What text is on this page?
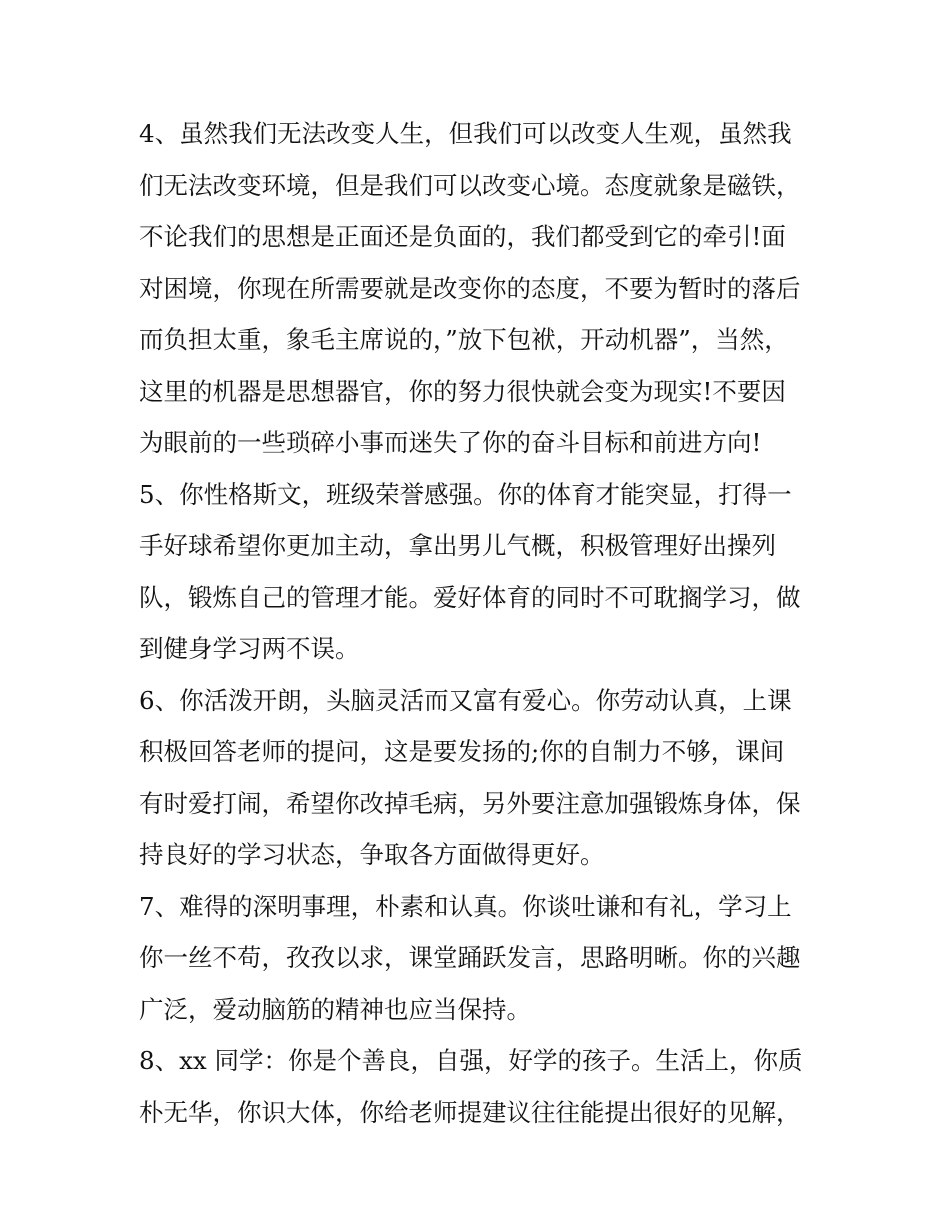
4、虽然我们无法改变人生，但我们可以改变人生观，虽然我
们无法改变环境，但是我们可以改变心境。态度就象是磁铁，
不论我们的思想是正面还是负面的，我们都受到它的牵引!面
对困境，你现在所需要就是改变你的态度，不要为暂时的落后
而负担太重，象毛主席说的，”放下包袱，开动机器”，当然，
这里的机器是思想器官，你的努力很快就会变为现实!不要因
为眼前的一些琐碎小事而迷失了你的奋斗目标和前进方向!
5、你性格斯文，班级荣誉感强。你的体育才能突显，打得一
手好球希望你更加主动，拿出男儿气概，积极管理好出操列
队，锻炼自己的管理才能。爱好体育的同时不可耽搁学习，做
到健身学习两不误。
6、你活泼开朗，头脑灵活而又富有爱心。你劳动认真，上课
积极回答老师的提问，这是要发扬的;你的自制力不够，课间
有时爱打闹，希望你改掉毛病，另外要注意加强锻炼身体，保
持良好的学习状态，争取各方面做得更好。
7、难得的深明事理，朴素和认真。你谈吐谦和有礼，学习上
你一丝不苟，孜孜以求，课堂踊跃发言，思路明晰。你的兴趣
广泛，爱动脑筋的精神也应当保持。
8、xx 同学：你是个善良，自强，好学的孩子。生活上，你质
朴无华，你识大体，你给老师提建议往往能提出很好的见解，
